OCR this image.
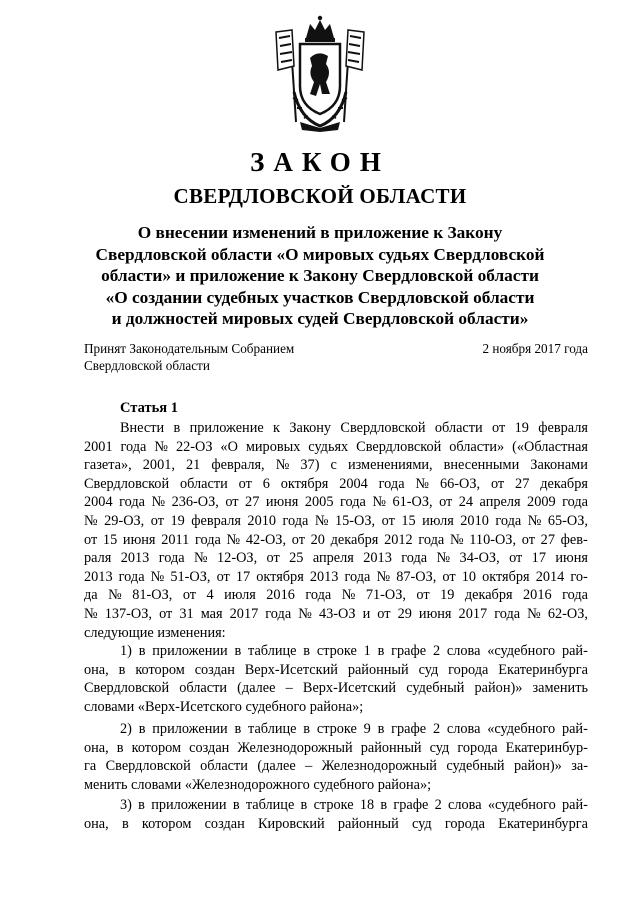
ЗАКОН
СВЕРДЛОВСКОЙ ОБЛАСТИ
О внесении изменений в приложение к Закону
Свердловской области «О мировых судьях Свердловской
области» и приложение к Закону Свердловской области
«О создании судебных участков Свердловской области
и должностей мировых судей Свердловской области»
Принят Законодательным Собранием
Свердловской области
2 ноября 2017 года
Статья 1
Внести в приложение к Закону Свердловской области от 19 февраля
2001 года № 22-ОЗ «О мировых судьях Свердловской области» («Областная
газета», 2001, 21 февраля, № 37) с изменениями, внесенными Законами
Свердловской области от 6 октября 2004 года № 66-ОЗ, от 27 декабря
2004 года № 236-ОЗ, от 27 июня 2005 года № 61-ОЗ, от 24 апреля 2009 года
№ 29-ОЗ, от 19 февраля 2010 года № 15-ОЗ, от 15 июля 2010 года № 65-ОЗ,
от 15 июня 2011 года № 42-ОЗ, от 20 декабря 2012 года № 110-ОЗ, от 27 фев-
раля 2013 года № 12-ОЗ, от 25 апреля 2013 года № 34-ОЗ, от 17 июня
2013 года № 51-ОЗ, от 17 октября 2013 года № 87-ОЗ, от 10 октября 2014 го-
да № 81-ОЗ, от 4 июля 2016 года № 71-ОЗ, от 19 декабря 2016 года
№ 137-ОЗ, от 31 мая 2017 года № 43-ОЗ и от 29 июня 2017 года № 62-ОЗ,
следующие изменения:
1) в приложении в таблице в строке 1 в графе 2 слова «судебного рай-
она, в котором создан Верх-Исетский районный суд города Екатеринбурга
Свердловской области (далее – Верх-Исетский судебный район)» заменить
словами «Верх-Исетского судебного района»;
2) в приложении в таблице в строке 9 в графе 2 слова «судебного рай-
она, в котором создан Железнодорожный районный суд города Екатеринбур-
га Свердловской области (далее – Железнодорожный судебный район)» за-
менить словами «Железнодорожного судебного района»;
3) в приложении в таблице в строке 18 в графе 2 слова «судебного рай-
она, в котором создан Кировский районный суд города Екатеринбурга
